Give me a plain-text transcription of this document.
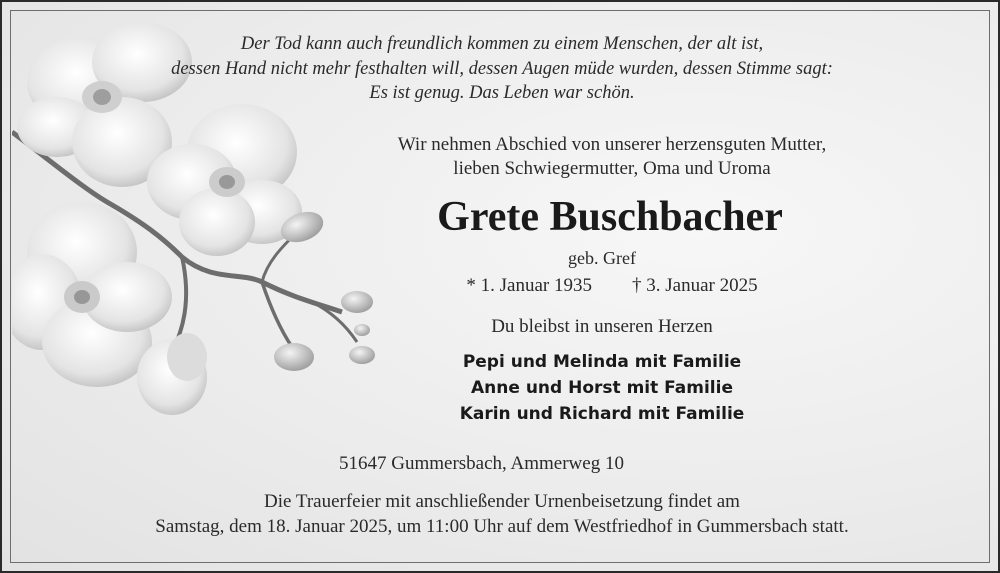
Der Tod kann auch freundlich kommen zu einem Menschen, der alt ist,
dessen Hand nicht mehr festhalten will, dessen Augen müde wurden, dessen Stimme sagt:
Es ist genug. Das Leben war schön.
Wir nehmen Abschied von unserer herzensguten Mutter,
lieben Schwiegermutter, Oma und Uroma
Grete Buschbacher
geb. Gref
* 1. Januar 1935 † 3. Januar 2025
Du bleibst in unseren Herzen
Pepi und Melinda mit Familie
Anne und Horst mit Familie
Karin und Richard mit Familie
51647 Gummersbach, Ammerweg 10
Die Trauerfeier mit anschließender Urnenbeisetzung findet am
Samstag, dem 18. Januar 2025, um 11:00 Uhr auf dem Westfriedhof in Gummersbach statt.
